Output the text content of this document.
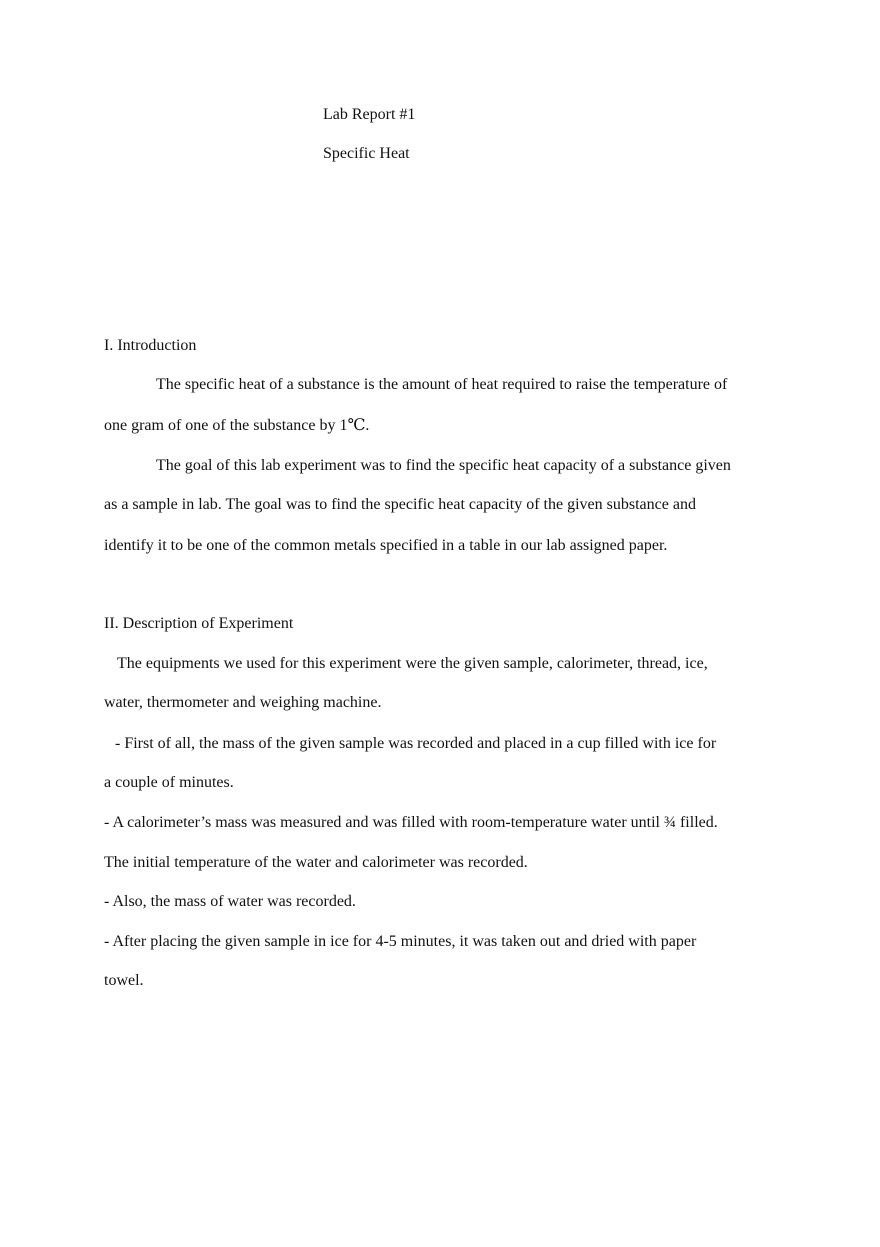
Lab Report #1
Specific Heat
I. Introduction
The specific heat of a substance is the amount of heat required to raise the temperature of
one gram of one of the substance by 1℃.
The goal of this lab experiment was to find the specific heat capacity of a substance given
as a sample in lab. The goal was to find the specific heat capacity of the given substance and
identify it to be one of the common metals specified in a table in our lab assigned paper.
II. Description of Experiment
The equipments we used for this experiment were the given sample, calorimeter, thread, ice,
water, thermometer and weighing machine.
- First of all, the mass of the given sample was recorded and placed in a cup filled with ice for
a couple of minutes.
- A calorimeter’s mass was measured and was filled with room-temperature water until ¾ filled.
The initial temperature of the water and calorimeter was recorded.
- Also, the mass of water was recorded.
- After placing the given sample in ice for 4-5 minutes, it was taken out and dried with paper
towel.
